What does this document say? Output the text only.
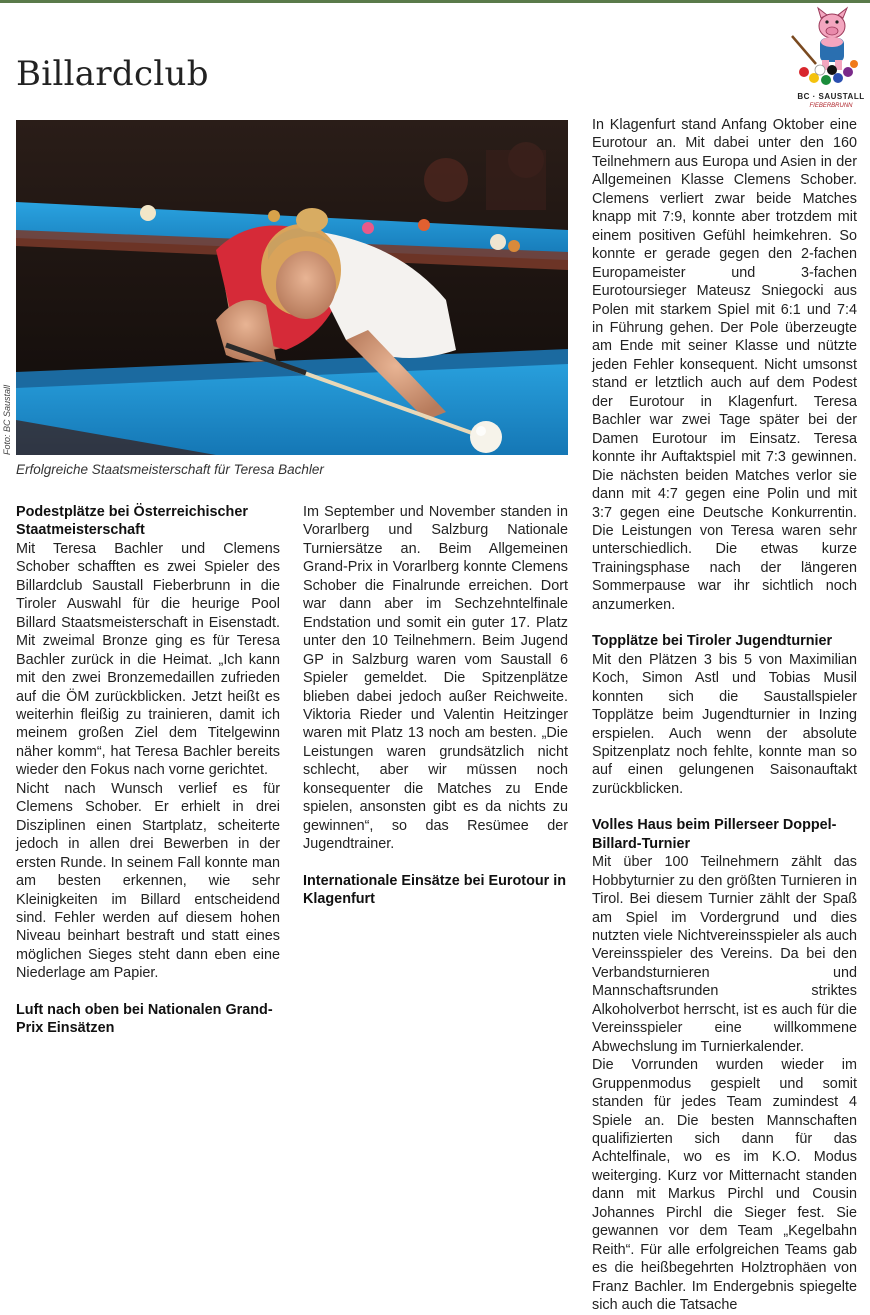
Billardclub
BC · SAUSTALL
FIEBERBRUNN
Foto: BC Saustall
Erfolgreiche Staatsmeisterschaft für Teresa Bachler
Podestplätze bei Österreichischer Staatmeisterschaft

Mit Teresa Bachler und Clemens Schober schafften es zwei Spieler des Billardclub Saustall Fieberbrunn in die Tiroler Auswahl für die heurige Pool Billard Staatsmeisterschaft in Eisenstadt. Mit zweimal Bronze ging es für Teresa Bachler zurück in die Heimat. „Ich kann mit den zwei Bronzemedaillen zufrieden auf die ÖM zurückblicken. Jetzt heißt es weiterhin fleißig zu trainieren, damit ich meinem großen Ziel dem Titelgewinn näher komm“, hat Teresa Bachler bereits wieder den Fokus nach vorne gerichtet.

Nicht nach Wunsch verlief es für Clemens Schober. Er erhielt in drei Disziplinen einen Startplatz, scheiterte jedoch in allen drei Bewerben in der ersten Runde. In seinem Fall konnte man am besten erkennen, wie sehr Kleinigkeiten im Billard entscheidend sind. Fehler werden auf diesem hohen Niveau beinhart bestraft und statt eines möglichen Sieges steht dann eben eine Niederlage am Papier.

Luft nach oben bei Nationalen Grand-Prix Einsätzen

Im September und November standen in Vorarlberg und Salzburg Nationale Turniersätze an. Beim Allgemeinen Grand-Prix in Vorarlberg konnte Clemens Schober die Finalrunde erreichen. Dort war dann aber im Sechzehntelfinale Endstation und somit ein guter 17. Platz unter den 10 Teilnehmern. Beim Jugend GP in Salzburg waren vom Saustall 6 Spieler gemeldet. Die Spitzenplätze blieben dabei jedoch außer Reichweite. Viktoria Rieder und Valentin Heitzinger waren mit Platz 13 noch am besten. „Die Leistungen waren grundsätzlich nicht schlecht, aber wir müssen noch konsequenter die Matches zu Ende spielen, ansonsten gibt es da nichts zu gewinnen“, so das Resümee der Jugendtrainer.

Internationale Einsätze bei Eurotour in Klagenfurt

In Klagenfurt stand Anfang Oktober eine Eurotour an. Mit dabei unter den 160 Teilnehmern aus Europa und Asien in der Allgemeinen Klasse Clemens Schober. Clemens verliert zwar beide Matches knapp mit 7:9, konnte aber trotzdem mit einem positiven Gefühl heimkehren. So konnte er gerade gegen den 2-fachen Europameister und 3-fachen Eurotoursieger Mateusz Sniegocki aus Polen mit starkem Spiel mit 6:1 und 7:4 in Führung gehen. Der Pole überzeugte am Ende mit seiner Klasse und nützte jeden Fehler konsequent. Nicht umsonst stand er letztlich auch auf dem Podest der Eurotour in Klagenfurt. Teresa Bachler war zwei Tage später bei der Damen Eurotour im Einsatz. Teresa konnte ihr Auftaktspiel mit 7:3 gewinnen. Die nächsten beiden Matches verlor sie dann mit 4:7 gegen eine Polin und mit 3:7 gegen eine Deutsche Konkurrentin. Die Leistungen von Teresa waren sehr unterschiedlich. Die etwas kurze Trainingsphase nach der längeren Sommerpause war ihr sichtlich noch anzumerken.

Topplätze bei Tiroler Jugendturnier

Mit den Plätzen 3 bis 5 von Maximilian Koch, Simon Astl und Tobias Musil konnten sich die Saustallspieler Topplätze beim Jugendturnier in Inzing erspielen. Auch wenn der absolute Spitzenplatz noch fehlte, konnte man so auf einen gelungenen Saisonauftakt zurückblicken.

Volles Haus beim Pillerseer Doppel-Billard-Turnier

Mit über 100 Teilnehmern zählt das Hobbyturnier zu den größten Turnieren in Tirol. Bei diesem Turnier zählt der Spaß am Spiel im Vordergrund und dies nutzten viele Nichtvereinsspieler als auch Vereinsspieler des Vereins. Da bei den Verbandsturnieren und Mannschaftsrunden striktes Alkoholverbot herrscht, ist es auch für die Vereinsspieler eine willkommene Abwechslung im Turnierkalender.

Die Vorrunden wurden wieder im Gruppenmodus gespielt und somit standen für jedes Team zumindest 4 Spiele an. Die besten Mannschaften qualifizierten sich dann für das Achtelfinale, wo es im K.O. Modus weiterging. Kurz vor Mitternacht standen dann mit Markus Pirchl und Cousin Johannes Pirchl die Sieger fest. Sie gewannen vor dem Team „Kegelbahn Reith“. Für alle erfolgreichen Teams gab es die heißbegehrten Holztrophäen von Franz Bachler. Im Endergebnis spiegelte sich auch die Tatsache
